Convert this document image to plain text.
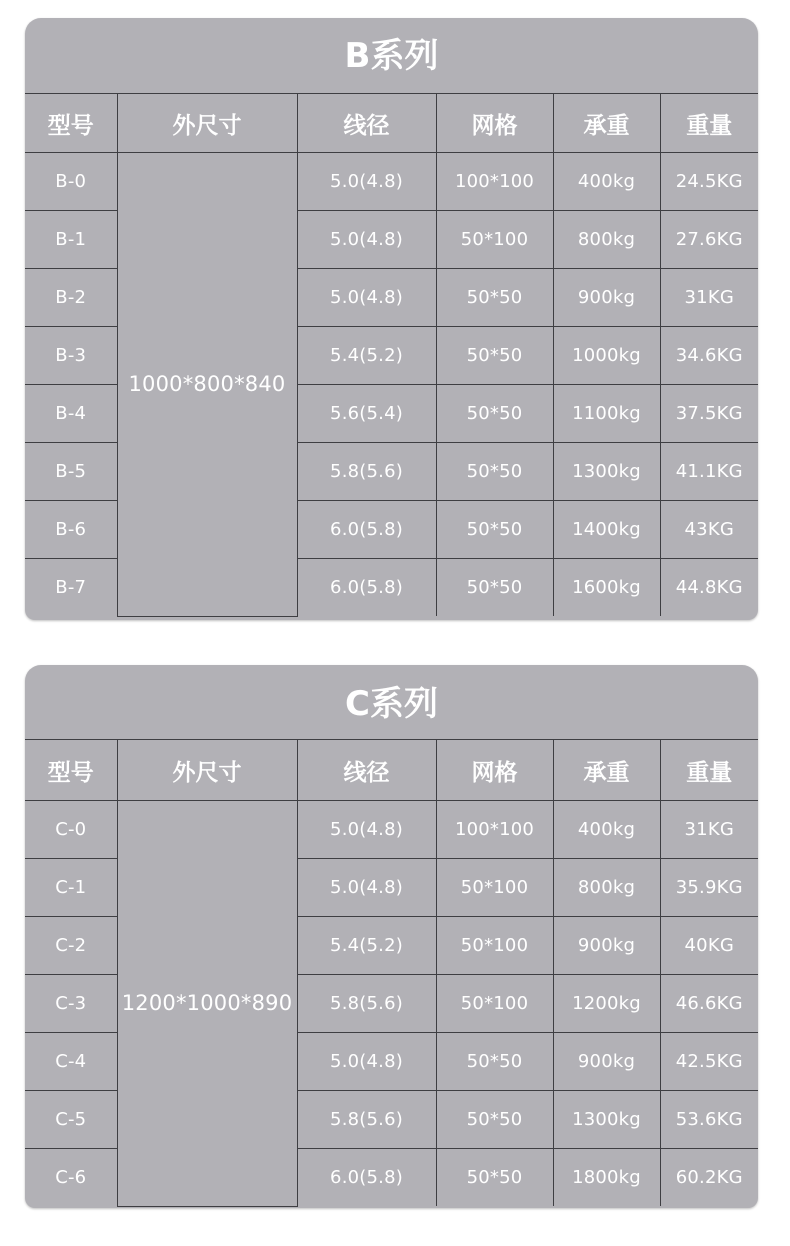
B系列
型号	外尺寸	线径	网格	承重	重量
B-0	1000*800*840	5.0(4.8)	100*100	400kg	24.5KG
B-1		5.0(4.8)	50*100	800kg	27.6KG
B-2		5.0(4.8)	50*50	900kg	31KG
B-3		5.4(5.2)	50*50	1000kg	34.6KG
B-4		5.6(5.4)	50*50	1100kg	37.5KG
B-5		5.8(5.6)	50*50	1300kg	41.1KG
B-6		6.0(5.8)	50*50	1400kg	43KG
B-7		6.0(5.8)	50*50	1600kg	44.8KG
C系列
型号	外尺寸	线径	网格	承重	重量
C-0	1200*1000*890	5.0(4.8)	100*100	400kg	31KG
C-1		5.0(4.8)	50*100	800kg	35.9KG
C-2		5.4(5.2)	50*100	900kg	40KG
C-3		5.8(5.6)	50*100	1200kg	46.6KG
C-4		5.0(4.8)	50*50	900kg	42.5KG
C-5		5.8(5.6)	50*50	1300kg	53.6KG
C-6		6.0(5.8)	50*50	1800kg	60.2KG
